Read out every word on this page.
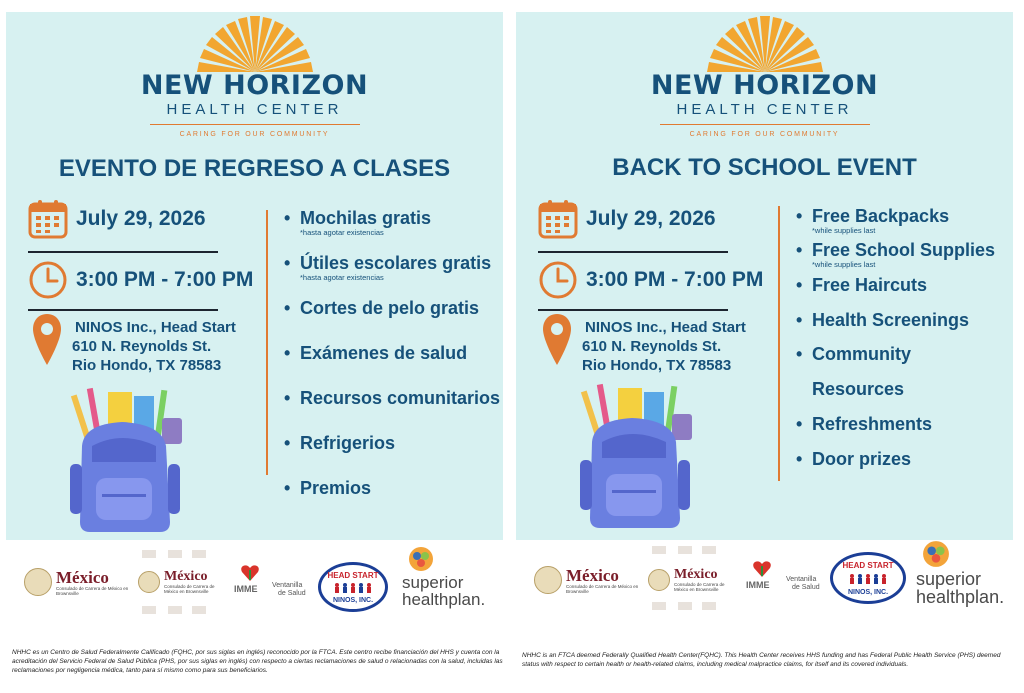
NEW HORIZON
HEALTH CENTER
CARING FOR OUR COMMUNITY
EVENTO DE REGRESO A CLASES
July 29, 2026
3:00 PM - 7:00 PM
NINOS Inc., Head Start
610 N. Reynolds St.
Rio Hondo, TX 78583
• Mochilas gratis
*hasta agotar existencias
• Útiles escolares gratis
*hasta agotar existencias
• Cortes de pelo gratis
• Exámenes de salud
• Recursos comunitarios
• Refrigerios
• Premios
NEW HORIZON
HEALTH CENTER
CARING FOR OUR COMMUNITY
BACK TO SCHOOL EVENT
July 29, 2026
3:00 PM - 7:00 PM
NINOS Inc., Head Start
610 N. Reynolds St.
Rio Hondo, TX 78583
• Free Backpacks
*while supplies last
• Free School Supplies
*while supplies last
• Free Haircuts
• Health Screenings
• Community
Resources
• Refreshments
• Door prizes
México
Consulado de Carrera de México en Brownsville
México
Consulado de Carrera de México en Brownsville	IMME Ventanilla
de Salud
HEAD START
NINOS, INC.
superior
healthplan.
México
Consulado de Carrera de México en Brownsville
México
Consulado de Carrera de México en Brownsville	IMME
Ventanilla
de Salud
HEAD START
NINOS, INC.
superior
healthplan.
NHHC es un Centro de Salud Federalmente Calificado (FQHC, por sus siglas en inglés) reconocido por la FTCA. Este centro recibe financiación del HHS y cuenta con la acreditación del Servicio Federal de Salud Pública (PHS, por sus siglas en inglés) con respecto a ciertas reclamaciones de salud o relacionadas con la salud, incluidas las reclamaciones por negligencia médica, tanto para sí mismo como para sus beneficiarios.
NHHC is an FTCA deemed Federally Qualified Health Center(FQHC). This Health Center receives HHS funding and has Federal Public Health Service (PHS) deemed status with respect to certain health or health-related claims, including medical malpractice claims, for itself and its covered individuals.
